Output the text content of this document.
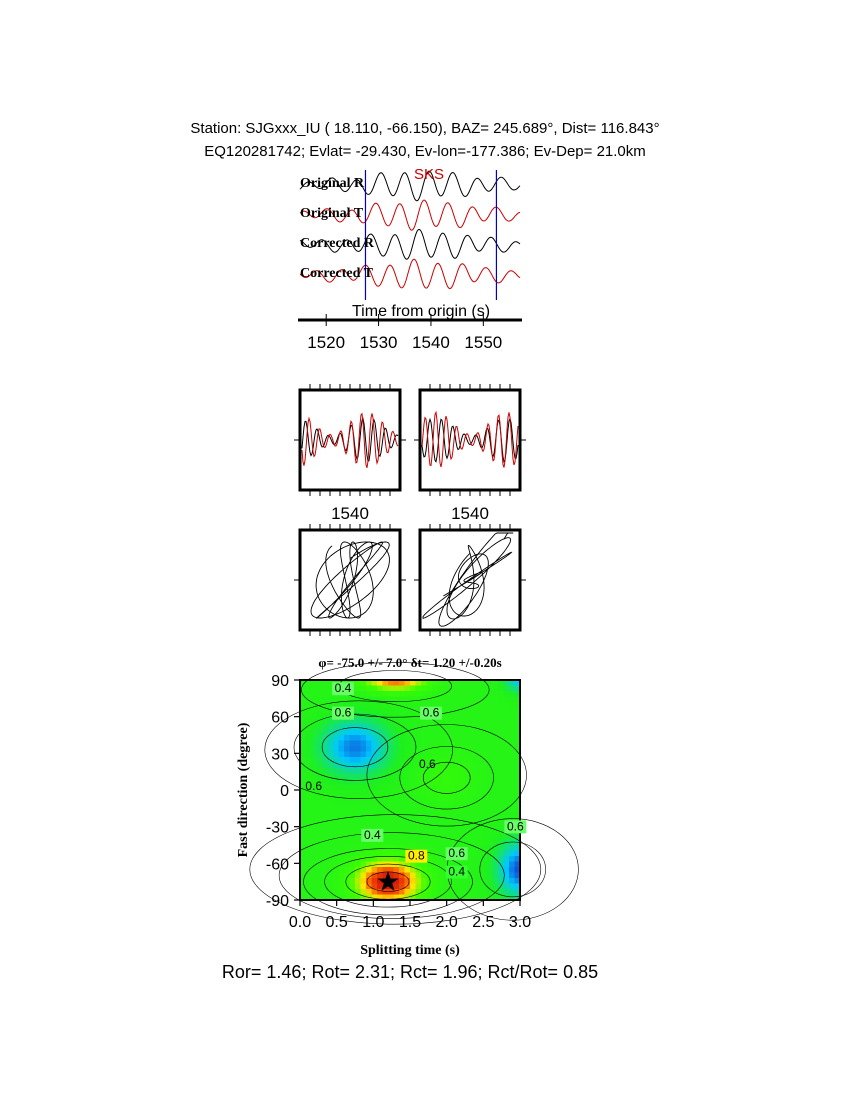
Station: SJGxxx_IU ( 18.110, -66.150), BAZ= 245.689°, Dist= 116.843°
EQ120281742; Evlat= -29.430, Ev-lon=-177.386; Ev-Dep= 21.0km
Original R
Original T
Corrected R
Corrected T
SKS
Time from origin (s)
1520 1530 1540 1550
1540	1540
φ= -75.0 +/- 7.0° δt= 1.20 +/-0.20s
0.0 0.5 1.0 1.5 2.0 2.5 3.0
90
60
30
0
-30
-60
-90
0.4
0.6	0.6
0.6
0.6
0.6
0.4
0.6
0.8
0.4
Splitting time (s)
Fast direction (degree)
Ror= 1.46; Rot= 2.31; Rct= 1.96; Rct/Rot= 0.85
